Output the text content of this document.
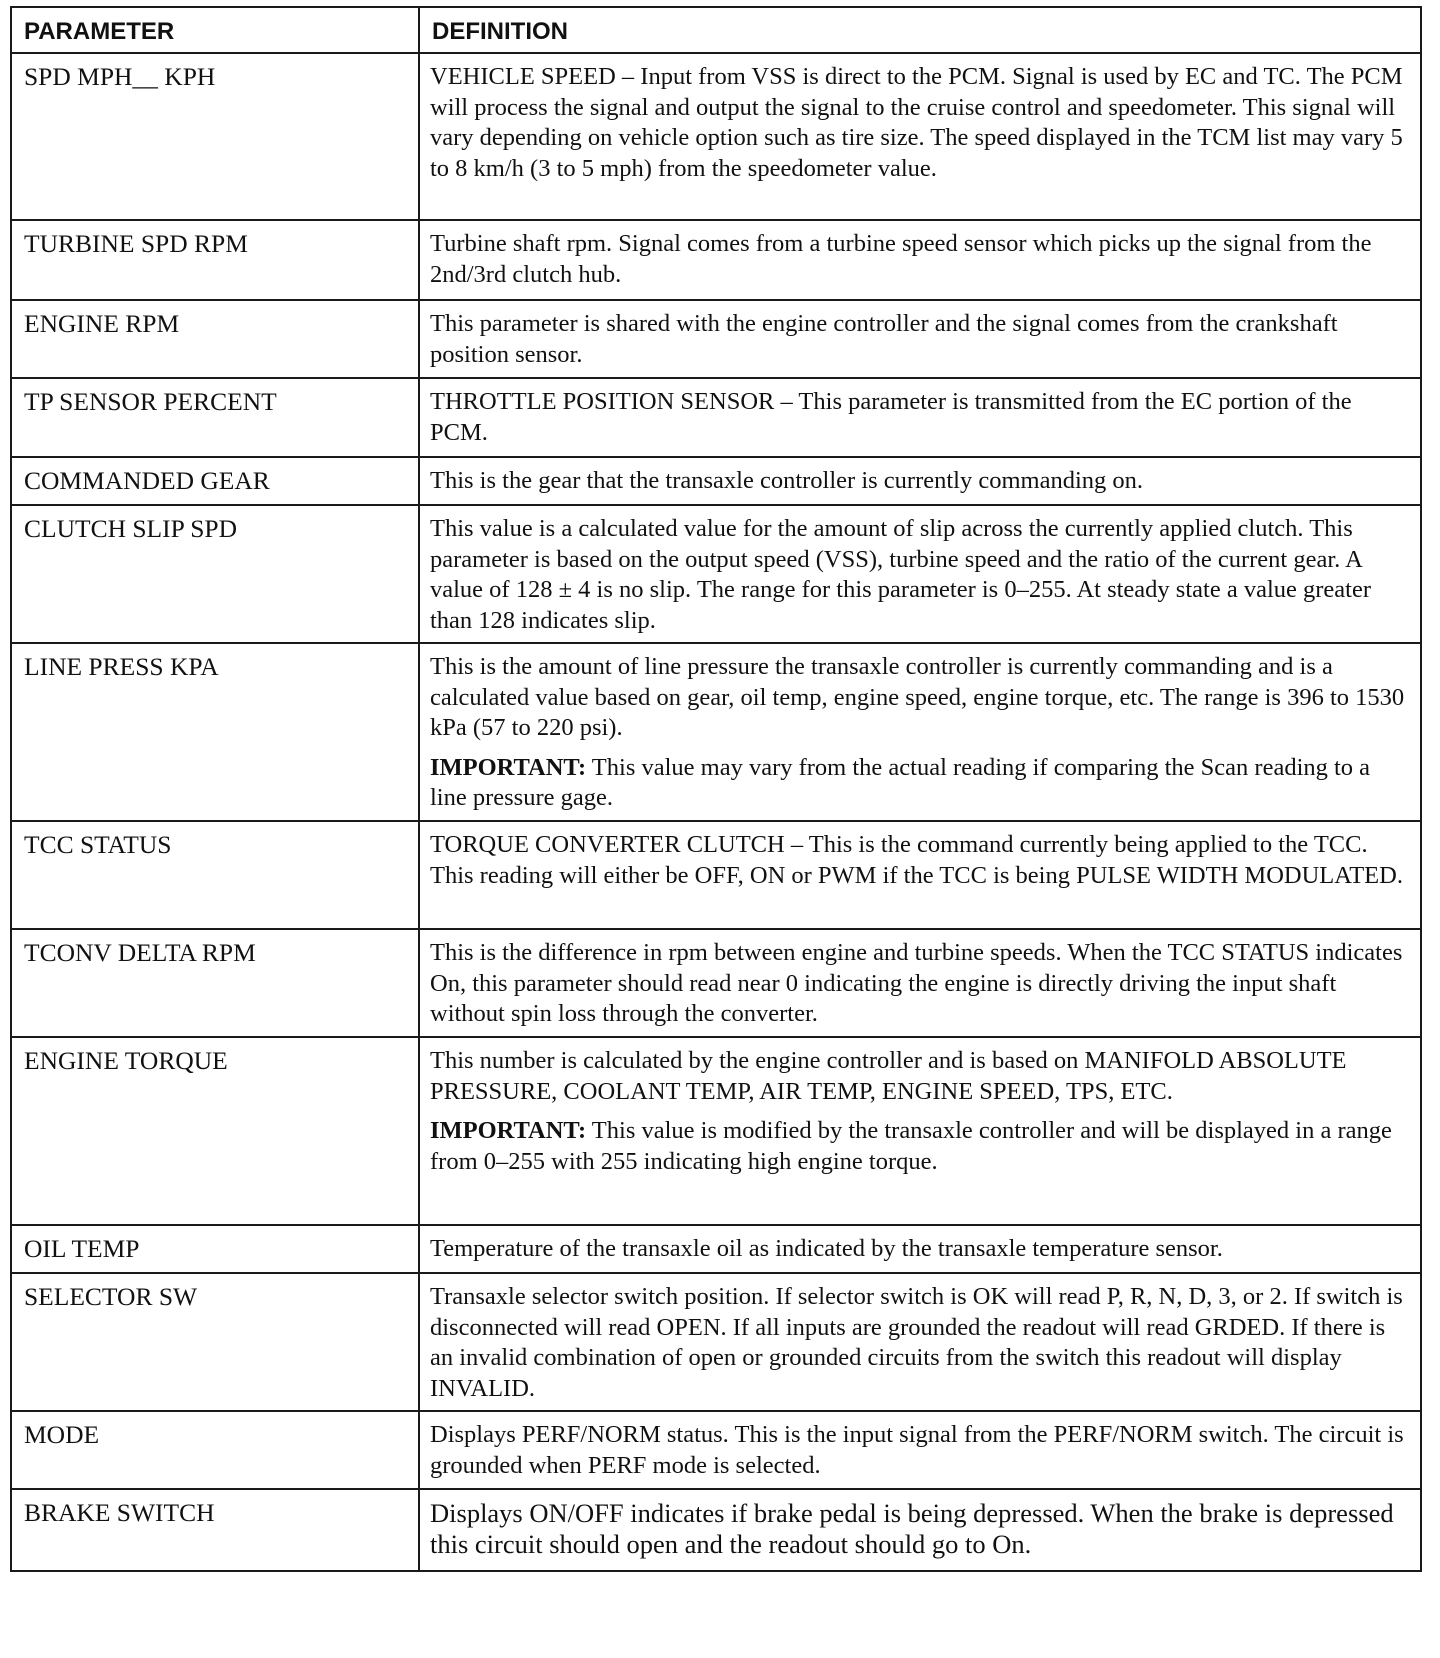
PARAMETER	DEFINITION
SPD MPH__ KPH	VEHICLE SPEED – Input from VSS is direct to the PCM. Signal is used by EC and TC. The PCM will process the signal and output the signal to the cruise control and speedometer. This signal will vary depending on vehicle option such as tire size. The speed displayed in the TCM list may vary 5 to 8 km/h (3 to 5 mph) from the speedometer value.

TURBINE SPD RPM	Turbine shaft rpm. Signal comes from a turbine speed sensor which picks up the signal from the 2nd/3rd clutch hub.

ENGINE RPM	This parameter is shared with the engine controller and the signal comes from the crankshaft position sensor.

TP SENSOR PERCENT	THROTTLE POSITION SENSOR – This parameter is transmitted from the EC portion of the PCM.

COMMANDED GEAR	This is the gear that the transaxle controller is currently commanding on.

CLUTCH SLIP SPD	This value is a calculated value for the amount of slip across the currently applied clutch. This parameter is based on the output speed (VSS), turbine speed and the ratio of the current gear. A value of 128 ± 4 is no slip. The range for this parameter is 0–255. At steady state a value greater than 128 indicates slip.

LINE PRESS KPA	This is the amount of line pressure the transaxle controller is currently commanding and is a calculated value based on gear, oil temp, engine speed, engine torque, etc. The range is 396 to 1530 kPa (57 to 220 psi).

IMPORTANT: This value may vary from the actual reading if comparing the Scan reading to a line pressure gage.

TCC STATUS	TORQUE CONVERTER CLUTCH – This is the command currently being applied to the TCC. This reading will either be OFF, ON or PWM if the TCC is being PULSE WIDTH MODULATED.

TCONV DELTA RPM	This is the difference in rpm between engine and turbine speeds. When the TCC STATUS indicates On, this parameter should read near 0 indicating the engine is directly driving the input shaft without spin loss through the converter.

ENGINE TORQUE	This number is calculated by the engine controller and is based on MANIFOLD ABSOLUTE PRESSURE, COOLANT TEMP, AIR TEMP, ENGINE SPEED, TPS, ETC.

IMPORTANT: This value is modified by the transaxle controller and will be displayed in a range from 0–255 with 255 indicating high engine torque.

OIL TEMP	Temperature of the transaxle oil as indicated by the transaxle temperature sensor.

SELECTOR SW	Transaxle selector switch position. If selector switch is OK will read P, R, N, D, 3, or 2. If switch is disconnected will read OPEN. If all inputs are grounded the readout will read GRDED. If there is an invalid combination of open or grounded circuits from the switch this readout will display INVALID.

MODE	Displays PERF/NORM status. This is the input signal from the PERF/NORM switch. The circuit is grounded when PERF mode is selected.

BRAKE SWITCH	Displays ON/OFF indicates if brake pedal is being depressed. When the brake is depressed this circuit should open and the readout should go to On.
